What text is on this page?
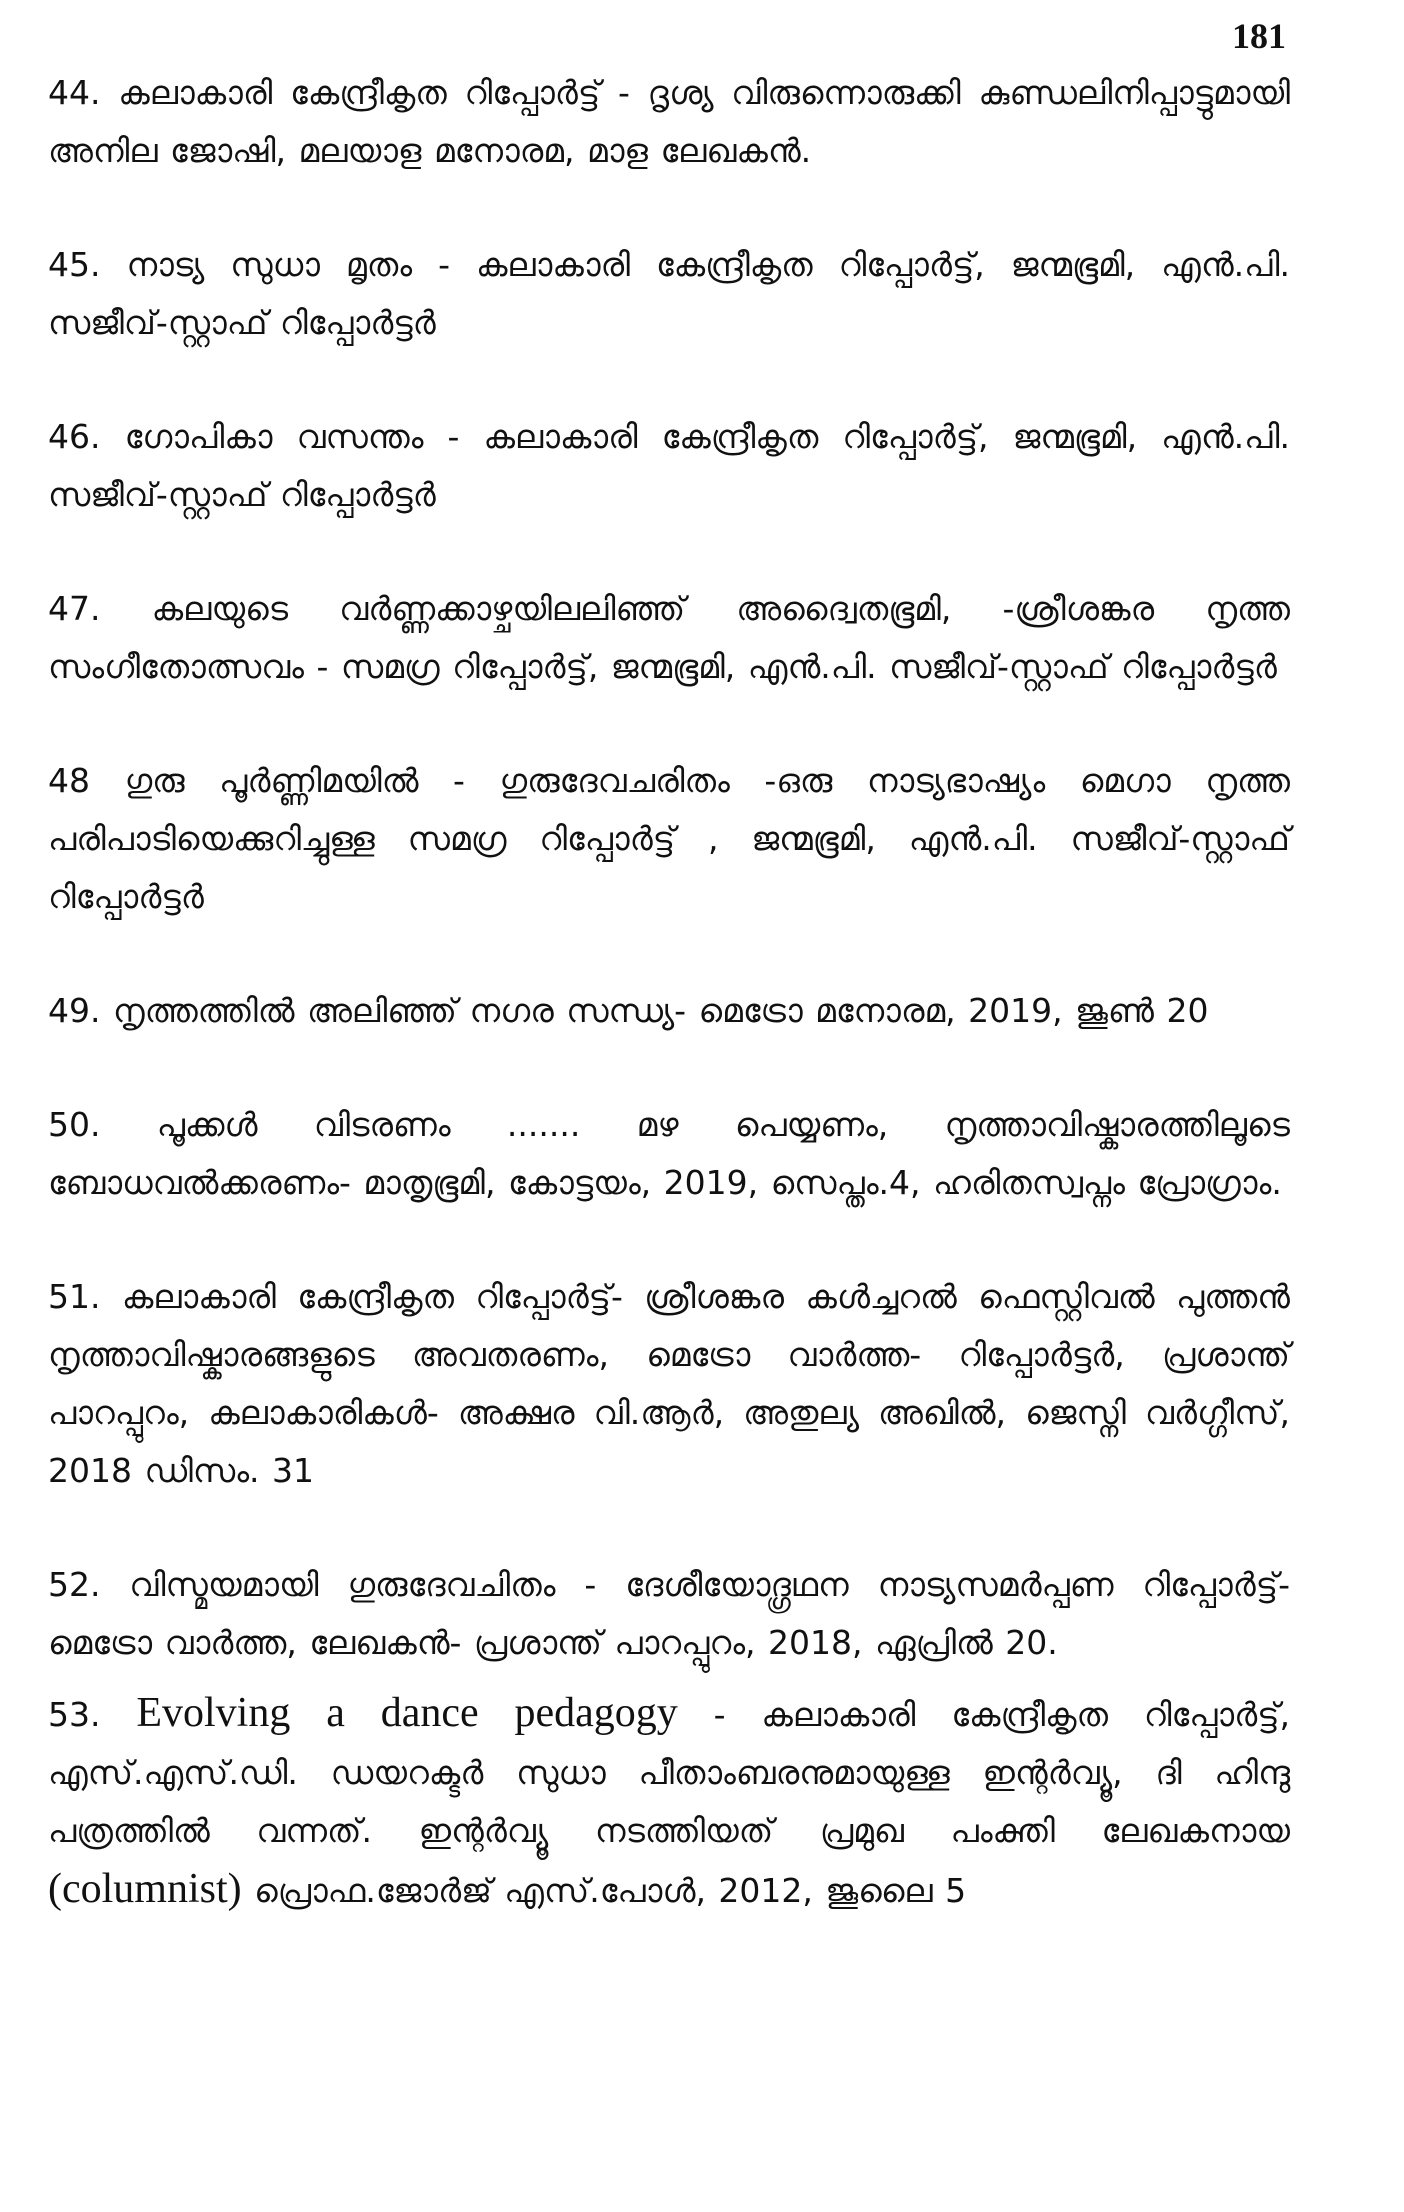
181

44. കലാകാരി കേന്ദ്രീകൃത റിപ്പോർട്ട് - ദൃശ്യ വിരുന്നൊരുക്കി കുണ്ഡലിനിപ്പാട്ടുമായി അനില ജോഷി, മലയാള മനോരമ, മാള ലേഖകൻ.

45. നാട്യ സുധാ മൃതം - കലാകാരി കേന്ദ്രീകൃത റിപ്പോർട്ട്, ജന്മഭൂമി, എൻ.പി. സജീവ്-സ്റ്റാഫ് റിപ്പോർട്ടർ

46. ഗോപികാ വസന്തം - കലാകാരി കേന്ദ്രീകൃത റിപ്പോർട്ട്, ജന്മഭൂമി, എൻ.പി. സജീവ്-സ്റ്റാഫ് റിപ്പോർട്ടർ

47. കലയുടെ വർണ്ണക്കാഴ്ചയിലലിഞ്ഞ് അദ്വൈതഭൂമി, -ശ്രീശങ്കര നൃത്ത സംഗീതോത്സവം - സമഗ്ര റിപ്പോർട്ട്, ജന്മഭൂമി, എൻ.പി. സജീവ്-സ്റ്റാഫ് റിപ്പോർട്ടർ

48 ഗുരു പൂർണ്ണിമയിൽ - ഗുരുദേവചരിതം -ഒരു നാട്യഭാഷ്യം മെഗാ നൃത്ത പരിപാടിയെക്കുറിച്ചുള്ള സമഗ്ര റിപ്പോർട്ട് , ജന്മഭൂമി, എൻ.പി. സജീവ്-സ്റ്റാഫ് റിപ്പോർട്ടർ

49. നൃത്തത്തിൽ അലിഞ്ഞ് നഗര സന്ധ്യ- മെട്രോ മനോരമ, 2019, ജൂൺ 20

50. പൂക്കൾ വിടരണം ....... മഴ പെയ്യണം, നൃത്താവിഷ്കാരത്തിലൂടെ ബോധവൽക്കരണം- മാതൃഭൂമി, കോട്ടയം, 2019, സെപ്തം.4, ഹരിതസ്വപ്നം പ്രോഗ്രാം.

51. കലാകാരി കേന്ദ്രീകൃത റിപ്പോർട്ട്- ശ്രീശങ്കര കൾച്ചറൽ ഫെസ്റ്റിവൽ പുത്തൻ നൃത്താവിഷ്കാരങ്ങളുടെ അവതരണം, മെട്രോ വാർത്ത- റിപ്പോർട്ടർ, പ്രശാന്ത് പാറപ്പുറം, കലാകാരികൾ- അക്ഷര വി.ആർ, അതുല്യ അഖിൽ, ജെസ്നി വർഗ്ഗീസ്, 2018 ഡിസം. 31

52. വിസ്മയമായി ഗുരുദേവചിതം - ദേശീയോദ്ഗ്രഥന നാട്യസമർപ്പണ റിപ്പോർട്ട്- മെട്രോ വാർത്ത, ലേഖകൻ- പ്രശാന്ത് പാറപ്പുറം, 2018, ഏപ്രിൽ 20.

53. Evolving a dance pedagogy - കലാകാരി കേന്ദ്രീകൃത റിപ്പോർട്ട്, എസ്.എസ്.ഡി. ഡയറക്ടർ സുധാ പീതാംബരനുമായുള്ള ഇന്റർവ്യൂ, ദി ഹിന്ദു പത്രത്തിൽ വന്നത്. ഇന്റർവ്യൂ നടത്തിയത് പ്രമുഖ പംക്തി ലേഖകനായ (columnist) പ്രൊഫ.ജോർജ് എസ്.പോൾ, 2012, ജൂലൈ 5
